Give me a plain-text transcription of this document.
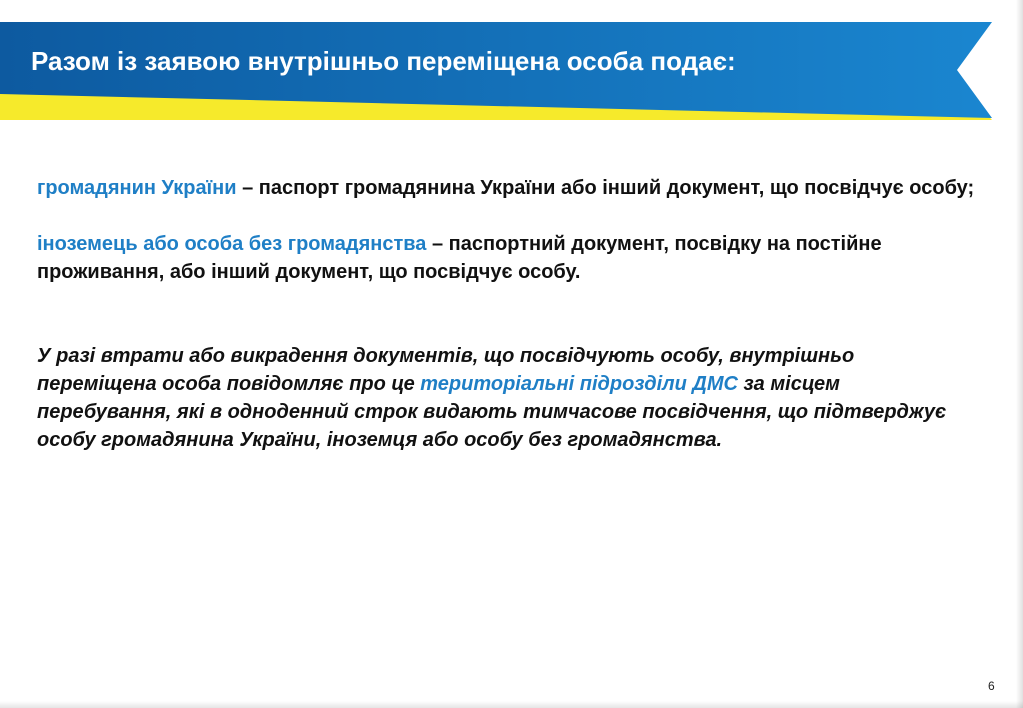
Разом із заявою внутрішньо переміщена особа подає:

громадянин України – паспорт громадянина України або інший документ, що посвідчує особу;

іноземець або особа без громадянства – паспортний документ, посвідку на постійне проживання, або інший документ, що посвідчує особу.

У разі втрати або викрадення документів, що посвідчують особу, внутрішньо переміщена особа повідомляє про це територіальні підрозділи ДМС за місцем перебування, які в одноденний строк видають тимчасове посвідчення, що підтверджує особу громадянина України, іноземця або особу без громадянства.

6
